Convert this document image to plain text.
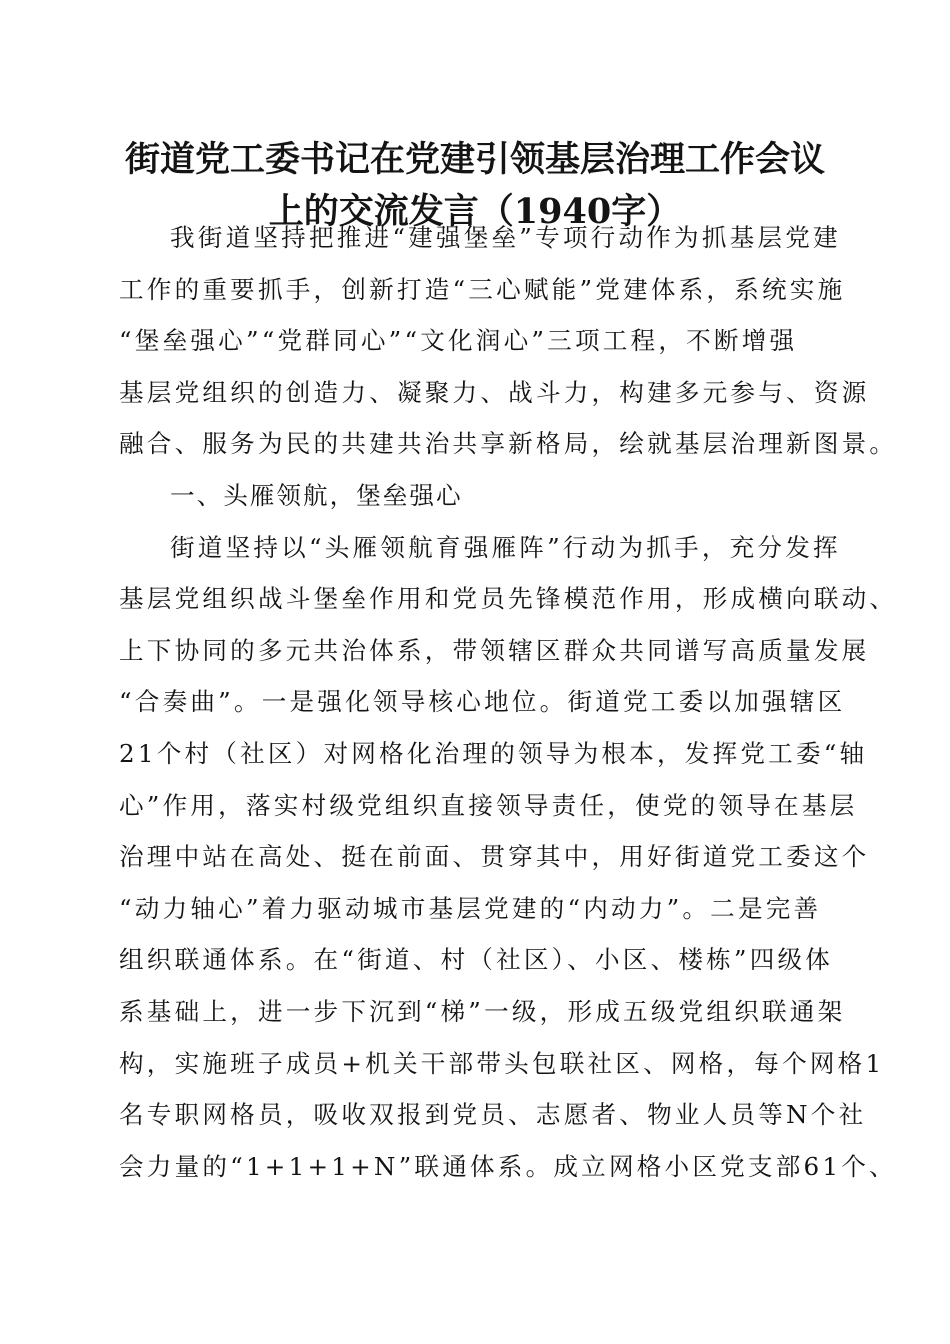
街道党工委书记在党建引领基层治理工作会议
上的交流发言（1940字）
我街道坚持把推进“建强堡垒”专项行动作为抓基层党建
工作的重要抓手，创新打造“三心赋能”党建体系，系统实施
“堡垒强心”“党群同心”“文化润心”三项工程，不断增强
基层党组织的创造力、凝聚力、战斗力，构建多元参与、资源
融合、服务为民的共建共治共享新格局，绘就基层治理新图景。
一、头雁领航，堡垒强心
街道坚持以“头雁领航育强雁阵”行动为抓手，充分发挥
基层党组织战斗堡垒作用和党员先锋模范作用，形成横向联动、
上下协同的多元共治体系，带领辖区群众共同谱写高质量发展
“合奏曲”。一是强化领导核心地位。街道党工委以加强辖区
21个村（社区）对网格化治理的领导为根本，发挥党工委“轴
心”作用，落实村级党组织直接领导责任，使党的领导在基层
治理中站在高处、挺在前面、贯穿其中，用好街道党工委这个
“动力轴心”着力驱动城市基层党建的“内动力”。二是完善
组织联通体系。在“街道、村（社区）、小区、楼栋”四级体
系基础上，进一步下沉到“梯”一级，形成五级党组织联通架
构，实施班子成员+机关干部带头包联社区、网格，每个网格1
名专职网格员，吸收双报到党员、志愿者、物业人员等N个社
会力量的“1+1+1+N”联通体系。成立网格小区党支部61个、
